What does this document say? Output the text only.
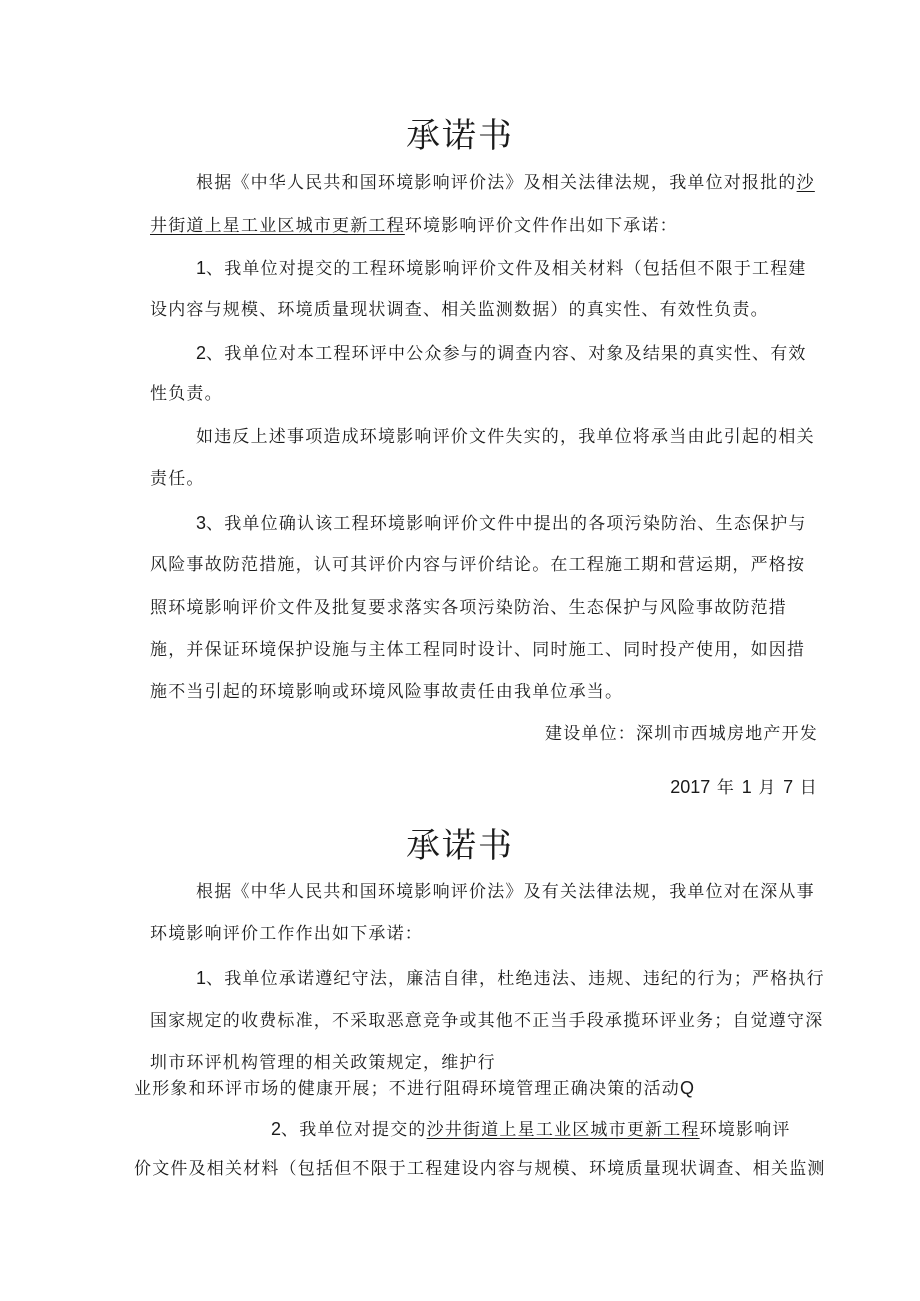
承诺书
根据《中华人民共和国环境影响评价法》及相关法律法规，我单位对报批的沙
井街道上星工业区城市更新工程环境影响评价文件作出如下承诺：
1、我单位对提交的工程环境影响评价文件及相关材料（包括但不限于工程建
设内容与规模、环境质量现状调查、相关监测数据）的真实性、有效性负责。
2、我单位对本工程环评中公众参与的调查内容、对象及结果的真实性、有效
性负责。
如违反上述事项造成环境影响评价文件失实的，我单位将承当由此引起的相关
责任。
3、我单位确认该工程环境影响评价文件中提出的各项污染防治、生态保护与
风险事故防范措施，认可其评价内容与评价结论。在工程施工期和营运期，严格按
照环境影响评价文件及批复要求落实各项污染防治、生态保护与风险事故防范措
施，并保证环境保护设施与主体工程同时设计、同时施工、同时投产使用，如因措
施不当引起的环境影响或环境风险事故责任由我单位承当。
建设单位：深圳市西城房地产开发
2017 年 1 月 7 日
承诺书
根据《中华人民共和国环境影响评价法》及有关法律法规，我单位对在深从事
环境影响评价工作作出如下承诺：
1、我单位承诺遵纪守法，廉洁自律，杜绝违法、违规、违纪的行为；严格执行
国家规定的收费标准，不采取恶意竞争或其他不正当手段承揽环评业务；自觉遵守深
圳市环评机构管理的相关政策规定，维护行
业形象和环评市场的健康开展；不进行阻碍环境管理正确决策的活动Q
2、我单位对提交的沙井街道上星工业区城市更新工程环境影响评
价文件及相关材料（包括但不限于工程建设内容与规模、环境质量现状调查、相关监测
